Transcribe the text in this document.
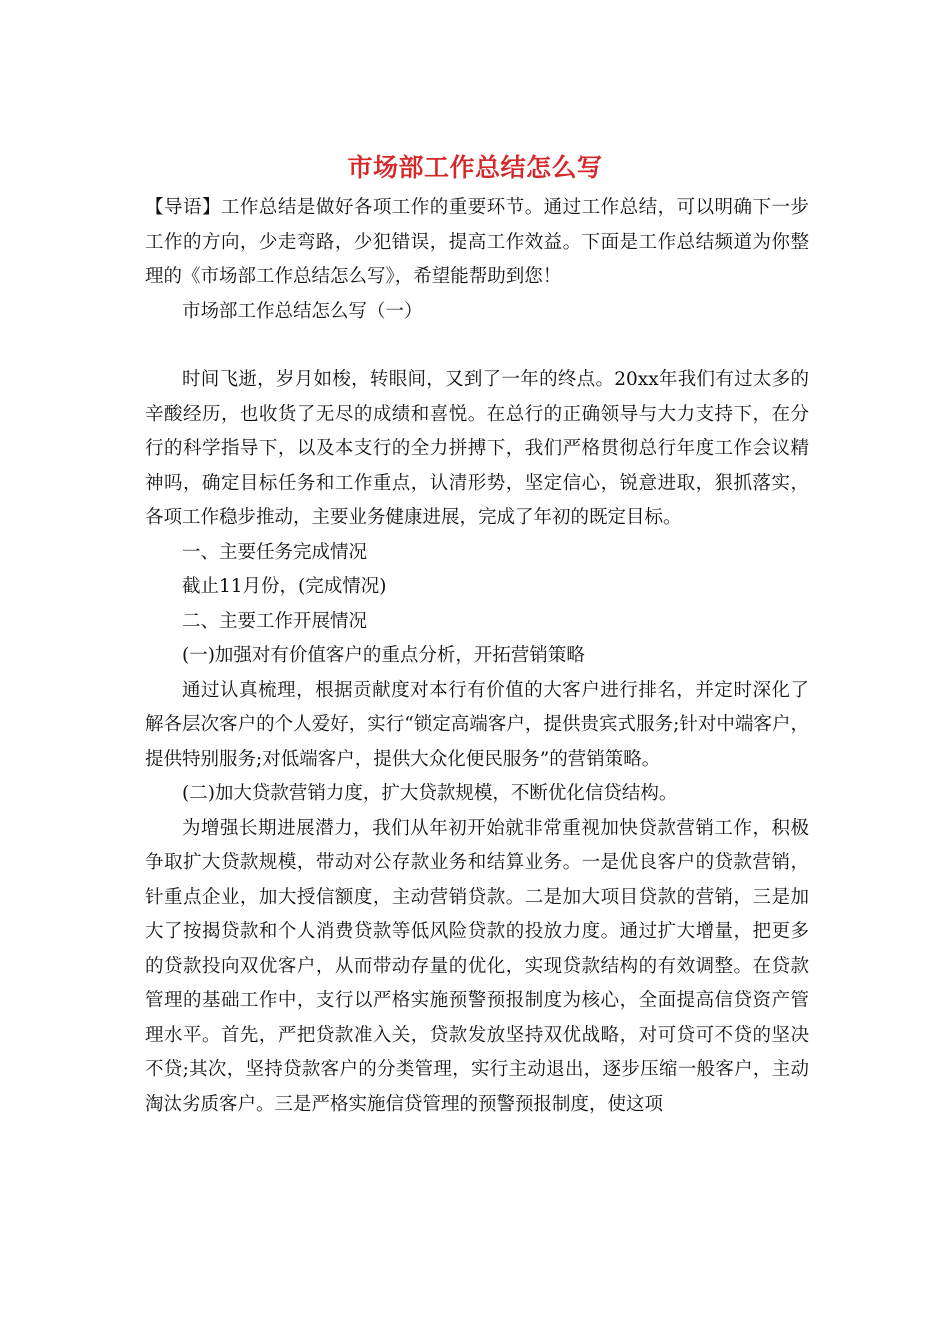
市场部工作总结怎么写

【导语】工作总结是做好各项工作的重要环节。通过工作总结，可以明确下一步工作的方向，少走弯路，少犯错误，提高工作效益。下面是工作总结频道为你整理的《市场部工作总结怎么写》，希望能帮助到您！

市场部工作总结怎么写（一）

时间飞逝，岁月如梭，转眼间，又到了一年的终点。20xx年我们有过太多的辛酸经历，也收货了无尽的成绩和喜悦。在总行的正确领导与大力支持下，在分行的科学指导下，以及本支行的全力拼搏下，我们严格贯彻总行年度工作会议精神吗，确定目标任务和工作重点，认清形势，坚定信心，锐意进取，狠抓落实，各项工作稳步推动，主要业务健康进展，完成了年初的既定目标。

一、主要任务完成情况

截止11月份，(完成情况)

二、主要工作开展情况

(一)加强对有价值客户的重点分析，开拓营销策略

通过认真梳理，根据贡献度对本行有价值的大客户进行排名，并定时深化了解各层次客户的个人爱好，实行“锁定高端客户，提供贵宾式服务;针对中端客户，提供特别服务;对低端客户，提供大众化便民服务”的营销策略。

(二)加大贷款营销力度，扩大贷款规模，不断优化信贷结构。

为增强长期进展潜力，我们从年初开始就非常重视加快贷款营销工作，积极争取扩大贷款规模，带动对公存款业务和结算业务。一是优良客户的贷款营销，针重点企业，加大授信额度，主动营销贷款。二是加大项目贷款的营销，三是加大了按揭贷款和个人消费贷款等低风险贷款的投放力度。通过扩大增量，把更多的贷款投向双优客户，从而带动存量的优化，实现贷款结构的有效调整。在贷款管理的基础工作中，支行以严格实施预警预报制度为核心，全面提高信贷资产管理水平。首先，严把贷款准入关，贷款发放坚持双优战略，对可贷可不贷的坚决不贷;其次，坚持贷款客户的分类管理，实行主动退出，逐步压缩一般客户，主动淘汰劣质客户。三是严格实施信贷管理的预警预报制度，使这项
